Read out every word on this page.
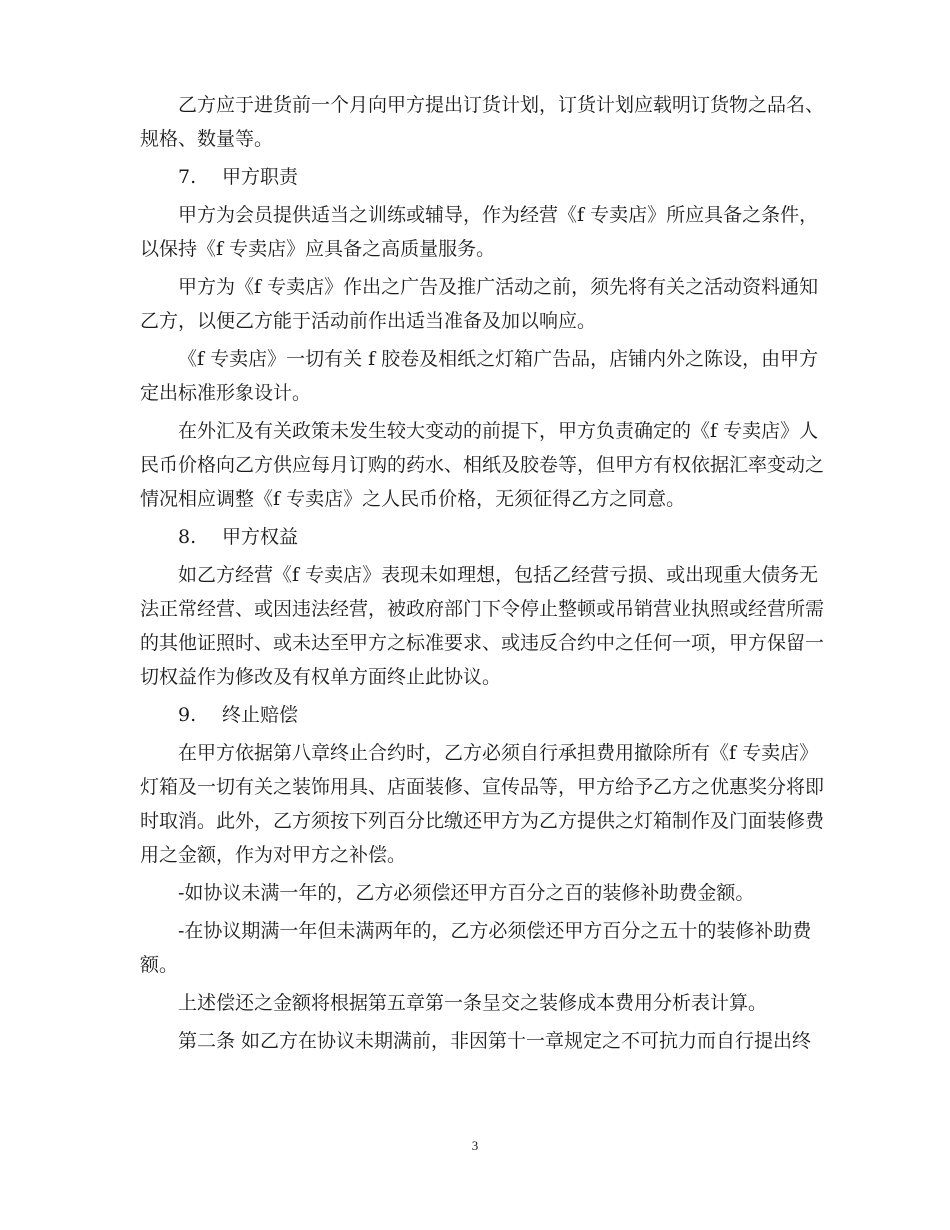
乙方应于进货前一个月向甲方提出订货计划，订货计划应载明订货物之品名、
规格、数量等。
7. 甲方职责
甲方为会员提供适当之训练或辅导，作为经营《f 专卖店》所应具备之条件，
以保持《f 专卖店》应具备之高质量服务。
甲方为《f 专卖店》作出之广告及推广活动之前，须先将有关之活动资料通知
乙方，以便乙方能于活动前作出适当准备及加以响应。
《f 专卖店》一切有关 f 胶卷及相纸之灯箱广告品，店铺内外之陈设，由甲方
定出标准形象设计。
在外汇及有关政策未发生较大变动的前提下，甲方负责确定的《f 专卖店》人
民币价格向乙方供应每月订购的药水、相纸及胶卷等，但甲方有权依据汇率变动之
情况相应调整《f 专卖店》之人民币价格，无须征得乙方之同意。
8. 甲方权益
如乙方经营《f 专卖店》表现未如理想，包括乙经营亏损、或出现重大债务无
法正常经营、或因违法经营，被政府部门下令停止整顿或吊销营业执照或经营所需
的其他证照时、或未达至甲方之标准要求、或违反合约中之任何一项，甲方保留一
切权益作为修改及有权单方面终止此协议。
9. 终止赔偿
在甲方依据第八章终止合约时，乙方必须自行承担费用撤除所有《f 专卖店》
灯箱及一切有关之装饰用具、店面装修、宣传品等，甲方给予乙方之优惠奖分将即
时取消。此外，乙方须按下列百分比缴还甲方为乙方提供之灯箱制作及门面装修费
用之金额，作为对甲方之补偿。
-如协议未满一年的，乙方必须偿还甲方百分之百的装修补助费金额。
-在协议期满一年但未满两年的，乙方必须偿还甲方百分之五十的装修补助费
额。
上述偿还之金额将根据第五章第一条呈交之装修成本费用分析表计算。
第二条 如乙方在协议未期满前，非因第十一章规定之不可抗力而自行提出终
3
